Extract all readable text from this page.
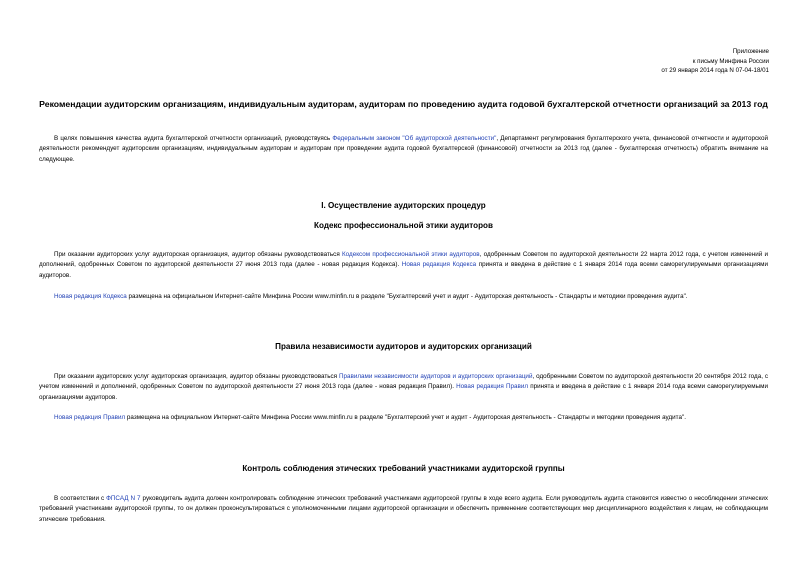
Приложение
к письму Минфина России
от 29 января 2014 года N 07-04-18/01
Рекомендации аудиторским организациям, индивидуальным аудиторам, аудиторам по проведению аудита годовой бухгалтерской отчетности организаций за 2013 год

В целях повышения качества аудита бухгалтерской отчетности организаций, руководствуясь Федеральным законом "Об аудиторской деятельности", Департамент регулирования бухгалтерского учета, финансовой отчетности и аудиторской деятельности рекомендует аудиторским организациям, индивидуальным аудиторам и аудиторам при проведении аудита годовой бухгалтерской (финансовой) отчетности за 2013 год (далее - бухгалтерская отчетность) обратить внимание на следующее.

I. Осуществление аудиторских процедур
Кодекс профессиональной этики аудиторов

При оказании аудиторских услуг аудиторская организация, аудитор обязаны руководствоваться Кодексом профессиональной этики аудиторов, одобренным Советом по аудиторской деятельности 22 марта 2012 года, с учетом изменений и дополнений, одобренных Советом по аудиторской деятельности 27 июня 2013 года (далее - новая редакция Кодекса). Новая редакция Кодекса принята и введена в действие с 1 января 2014 года всеми саморегулируемыми организациями аудиторов.

Новая редакция Кодекса размещена на официальном Интернет-сайте Минфина России www.minfin.ru в разделе "Бухгалтерский учет и аудит - Аудиторская деятельность - Стандарты и методики проведения аудита".

Правила независимости аудиторов и аудиторских организаций

При оказании аудиторских услуг аудиторская организация, аудитор обязаны руководствоваться Правилами независимости аудиторов и аудиторских организаций, одобренными Советом по аудиторской деятельности 20 сентября 2012 года, с учетом изменений и дополнений, одобренных Советом по аудиторской деятельности 27 июня 2013 года (далее - новая редакция Правил). Новая редакция Правил принята и введена в действие с 1 января 2014 года всеми саморегулируемыми организациями аудиторов.

Новая редакция Правил размещена на официальном Интернет-сайте Минфина России www.minfin.ru в разделе "Бухгалтерский учет и аудит - Аудиторская деятельность - Стандарты и методики проведения аудита".

Контроль соблюдения этических требований участниками аудиторской группы

В соответствии с ФПСАД N 7 руководитель аудита должен контролировать соблюдение этических требований участниками аудиторской группы в ходе всего аудита. Если руководитель аудита становится известно о несоблюдении этических требований участниками аудиторской группы, то он должен проконсультироваться с уполномоченными лицами аудиторской организации и обеспечить применение соответствующих мер дисциплинарного воздействия к лицам, не соблюдающим этические требования.
